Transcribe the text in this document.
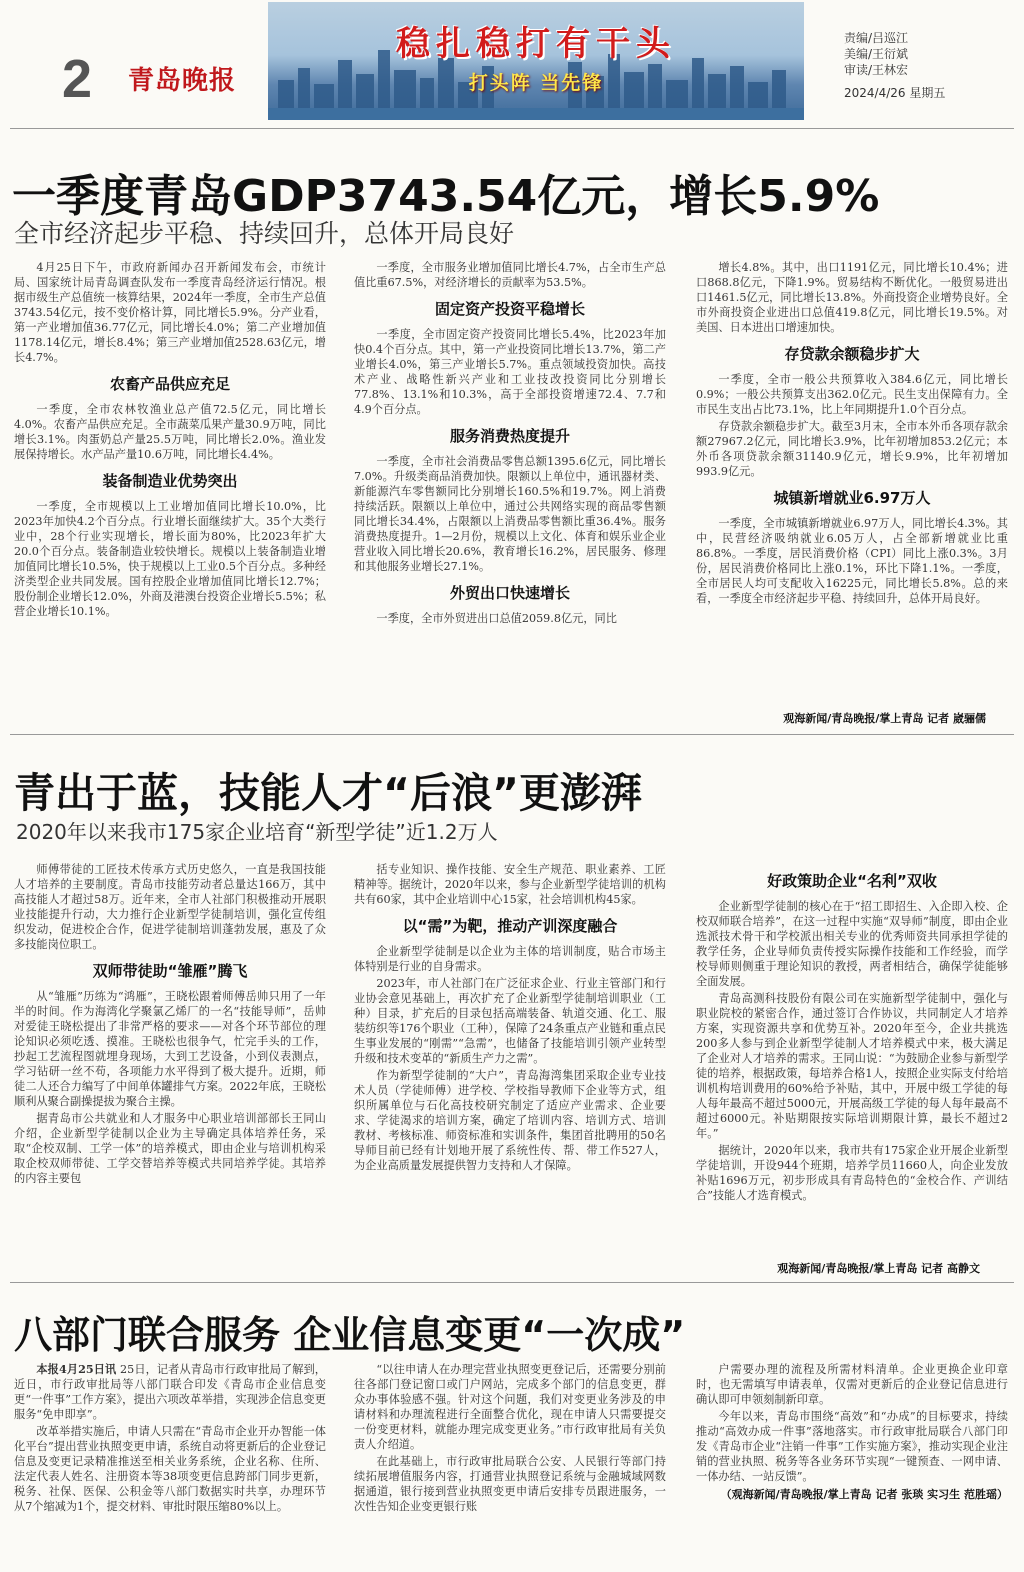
2 青岛晚报
稳扎稳打有干头
打头阵 当先锋
责编/吕巡江
美编/王衍斌
审读/王林宏
2024/4/26 星期五
一季度青岛GDP3743.54亿元，增长5.9%
全市经济起步平稳、持续回升，总体开局良好

4月25日下午，市政府新闻办召开新闻发布会，市统计局、国家统计局青岛调查队发布一季度青岛经济运行情况。根据市级生产总值统一核算结果，2024年一季度，全市生产总值3743.54亿元，按不变价格计算，同比增长5.9%。分产业看，第一产业增加值36.77亿元，同比增长4.0%；第二产业增加值1178.14亿元，增长8.4%；第三产业增加值2528.63亿元，增长4.7%。

农畜产品供应充足

一季度，全市农林牧渔业总产值72.5亿元，同比增长4.0%。农畜产品供应充足。全市蔬菜瓜果产量30.9万吨，同比增长3.1%。肉蛋奶总产量25.5万吨，同比增长2.0%。渔业发展保持增长。水产品产量10.6万吨，同比增长4.4%。

装备制造业优势突出

一季度，全市规模以上工业增加值同比增长10.0%，比2023年加快4.2个百分点。行业增长面继续扩大。35个大类行业中，28个行业实现增长，增长面为80%，比2023年扩大20.0个百分点。装备制造业较快增长。规模以上装备制造业增加值同比增长10.5%，快于规模以上工业0.5个百分点。多种经济类型企业共同发展。国有控股企业增加值同比增长12.7%；股份制企业增长12.0%，外商及港澳台投资企业增长5.5%；私营企业增长10.1%。

一季度，全市服务业增加值同比增长4.7%，占全市生产总值比重67.5%，对经济增长的贡献率为53.5%。

固定资产投资平稳增长

一季度，全市固定资产投资同比增长5.4%，比2023年加快0.4个百分点。其中，第一产业投资同比增长13.7%，第二产业增长4.0%，第三产业增长5.7%。重点领域投资加快。高技术产业、战略性新兴产业和工业技改投资同比分别增长77.8%、13.1%和10.3%，高于全部投资增速72.4、7.7和4.9个百分点。

服务消费热度提升

一季度，全市社会消费品零售总额1395.6亿元，同比增长7.0%。升级类商品消费加快。限额以上单位中，通讯器材类、新能源汽车零售额同比分别增长160.5%和19.7%。网上消费持续活跃。限额以上单位中，通过公共网络实现的商品零售额同比增长34.4%，占限额以上消费品零售额比重36.4%。服务消费热度提升。1—2月份，规模以上文化、体育和娱乐业企业营业收入同比增长20.6%，教育增长16.2%，居民服务、修理和其他服务业增长27.1%。

外贸出口快速增长

一季度，全市外贸进出口总值2059.8亿元，同比

增长4.8%。其中，出口1191亿元，同比增长10.4%；进口868.8亿元，下降1.9%。贸易结构不断优化。一般贸易进出口1461.5亿元，同比增长13.8%。外商投资企业增势良好。全市外商投资企业进出口总值419.8亿元，同比增长19.5%。对美国、日本进出口增速加快。

存贷款余额稳步扩大

一季度，全市一般公共预算收入384.6亿元，同比增长0.9%；一般公共预算支出362.0亿元。民生支出保障有力。全市民生支出占比73.1%，比上年同期提升1.0个百分点。

存贷款余额稳步扩大。截至3月末，全市本外币各项存款余额27967.2亿元，同比增长3.9%，比年初增加853.2亿元；本外币各项贷款余额31140.9亿元，增长9.9%，比年初增加993.9亿元。

城镇新增就业6.97万人

一季度，全市城镇新增就业6.97万人，同比增长4.3%。其中，民营经济吸纳就业6.05万人，占全部新增就业比重86.8%。一季度，居民消费价格（CPI）同比上涨0.3%。3月份，居民消费价格同比上涨0.1%，环比下降1.1%。一季度，全市居民人均可支配收入16225元，同比增长5.8%。总的来看，一季度全市经济起步平稳、持续回升，总体开局良好。

观海新闻/青岛晚报/掌上青岛 记者 崴骊儒
青出于蓝，技能人才“后浪”更澎湃
2020年以来我市175家企业培育“新型学徒”近1.2万人

师傅带徒的工匠技术传承方式历史悠久，一直是我国技能人才培养的主要制度。青岛市技能劳动者总量达166万，其中高技能人才超过58万。近年来，全市人社部门积极推动开展职业技能提升行动，大力推行企业新型学徒制培训，强化宣传组织发动，促进校企合作，促进学徒制培训蓬勃发展，惠及了众多技能岗位职工。

双师带徒助“雏雁”腾飞

从“雏雁”历练为“鸿雁”，王晓松跟着师傅岳帅只用了一年半的时间。作为海湾化学聚氯乙烯厂的一名“技能导师”，岳帅对爱徒王晓松提出了非常严格的要求——对各个环节部位的理论知识必须吃透、摸准。王晓松也很争气，忙完手头的工作，抄起工艺流程图就埋身现场，大到工艺设备，小到仪表测点，学习钻研一丝不苟，各项能力水平得到了极大提升。近期，师徒二人还合力编写了中间单体罐排气方案。2022年底，王晓松顺利从聚合副操提拔为聚合主操。

据青岛市公共就业和人才服务中心职业培训部部长王同山介绍，企业新型学徒制以企业为主导确定具体培养任务，采取“企校双制、工学一体”的培养模式，即由企业与培训机构采取企校双师带徒、工学交替培养等模式共同培养学徒。其培养的内容主要包

括专业知识、操作技能、安全生产规范、职业素养、工匠精神等。据统计，2020年以来，参与企业新型学徒培训的机构共有60家，其中企业培训中心15家，社会培训机构45家。

以“需”为靶，推动产训深度融合

企业新型学徒制是以企业为主体的培训制度，贴合市场主体特别是行业的自身需求。

2023年，市人社部门在广泛征求企业、行业主管部门和行业协会意见基础上，再次扩充了企业新型学徒制培训职业（工种）目录，扩充后的目录包括高端装备、轨道交通、化工、服装纺织等176个职业（工种），保障了24条重点产业链和重点民生事业发展的“刚需”“急需”，也储备了技能培训引领产业转型升级和技术变革的“新质生产力之需”。

作为新型学徒制的“大户”，青岛海湾集团采取企业专业技术人员（学徒师傅）进学校、学校指导教师下企业等方式，组织所属单位与石化高技校研究制定了适应产业需求、企业要求、学徒渴求的培训方案，确定了培训内容、培训方式、培训教材、考核标准、师资标准和实训条件，集团首批聘用的50名导师目前已经有计划地开展了系统性传、帮、带工作527人，为企业高质量发展提供智力支持和人才保障。

好政策助企业“名利”双收

企业新型学徒制的核心在于“招工即招生、入企即入校、企校双师联合培养”，在这一过程中实施“双导师”制度，即由企业选派技术骨干和学校派出相关专业的优秀师资共同承担学徒的教学任务，企业导师负责传授实际操作技能和工作经验，而学校导师则侧重于理论知识的教授，两者相结合，确保学徒能够全面发展。

青岛高测科技股份有限公司在实施新型学徒制中，强化与职业院校的紧密合作，通过签订合作协议，共同制定人才培养方案，实现资源共享和优势互补。2020年至今，企业共挑选200多人参与到企业新型学徒制人才培养模式中来，极大满足了企业对人才培养的需求。王同山说：“为鼓励企业参与新型学徒的培养，根据政策，每培养合格1人，按照企业实际支付给培训机构培训费用的60%给予补贴，其中，开展中级工学徒的每人每年最高不超过5000元，开展高级工学徒的每人每年最高不超过6000元。补贴期限按实际培训期限计算，最长不超过2年。”

据统计，2020年以来，我市共有175家企业开展企业新型学徒培训，开设944个班期，培养学员11660人，向企业发放补贴1696万元，初步形成具有青岛特色的“金校合作、产训结合”技能人才选育模式。

观海新闻/青岛晚报/掌上青岛 记者 高静文
八部门联合服务 企业信息变更“一次成”

本报4月25日讯 25日，记者从青岛市行政审批局了解到，近日，市行政审批局等八部门联合印发《青岛市企业信息变更“一件事”工作方案》，提出六项改革举措，实现涉企信息变更服务“免申即享”。

改革举措实施后，申请人只需在“青岛市企业开办智能一体化平台”提出营业执照变更申请，系统自动将更新后的企业登记信息及变更记录精准推送至相关业务系统，企业名称、住所、法定代表人姓名、注册资本等38项变更信息跨部门同步更新，税务、社保、医保、公积金等八部门数据实时共享，办理环节从7个缩减为1个，提交材料、审批时限压缩80%以上。

“以往申请人在办理完营业执照变更登记后，还需要分别前往各部门登记窗口或门户网站，完成多个部门的信息变更，群众办事体验感不强。针对这个问题，我们对变更业务涉及的申请材料和办理流程进行全面整合优化，现在申请人只需要提交一份变更材料，就能办理完成变更业务。”市行政审批局有关负责人介绍道。

在此基础上，市行政审批局联合公安、人民银行等部门持续拓展增值服务内容，打通营业执照登记系统与金融城域网数据通道，银行接到营业执照变更申请后安排专员跟进服务，一次性告知企业变更银行账

户需要办理的流程及所需材料清单。企业更换企业印章时，也无需填写申请表单，仅需对更新后的企业登记信息进行确认即可申领刻制新印章。

今年以来，青岛市围绕“高效”和“办成”的目标要求，持续推动“高效办成一件事”落地落实。市行政审批局联合八部门印发《青岛市企业“注销一件事”工作实施方案》，推动实现企业注销的营业执照、税务等各业务环节实现“一键预查、一网申请、一体办结、一站反馈”。

（观海新闻/青岛晚报/掌上青岛 记者 张琰 实习生 范胜瑶）
